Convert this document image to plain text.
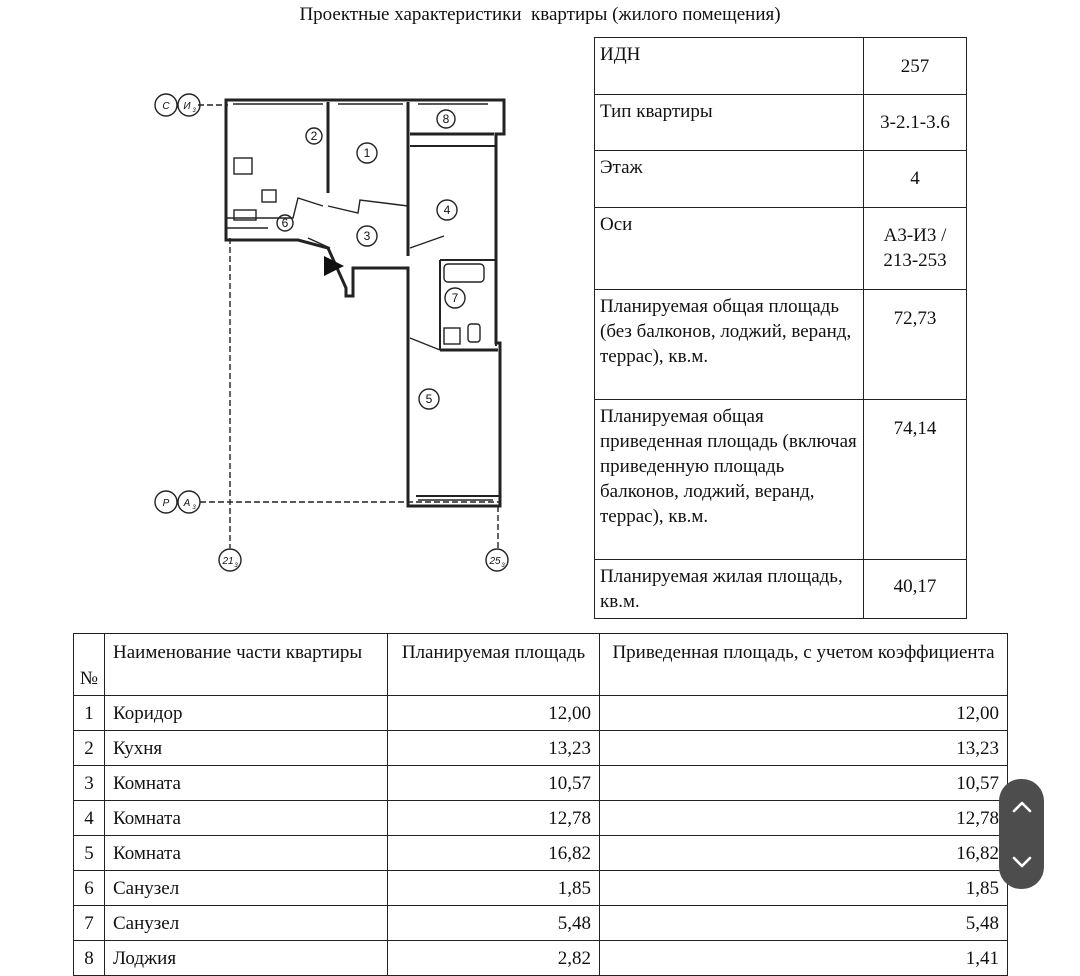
Проектные характеристики  квартиры (жилого помещения)
1
2
3
4
5
6
7
8
С И 3
Р А 3
21 3	25 3
ИДН	257
Тип квартиры	3-2.1-3.6
Этаж	4
Оси	А3-И3 / 213-253
Планируемая общая площадь (без балконов, лоджий, веранд, террас), кв.м.	72,73
Планируемая общая приведенная площадь (включая приведенную площадь балконов, лоджий, веранд, террас), кв.м.	74,14
Планируемая жилая площадь, кв.м.	40,17
№	Наименование части квартиры	Планируемая площадь	Приведенная площадь, с учетом коэффициента
1	Коридор	12,00	12,00
2	Кухня	13,23	13,23
3	Комната	10,57	10,57
4	Комната	12,78	12,78
5	Комната	16,82	16,82
6	Санузел	1,85	1,85
7	Санузел	5,48	5,48
8	Лоджия	2,82	1,41
